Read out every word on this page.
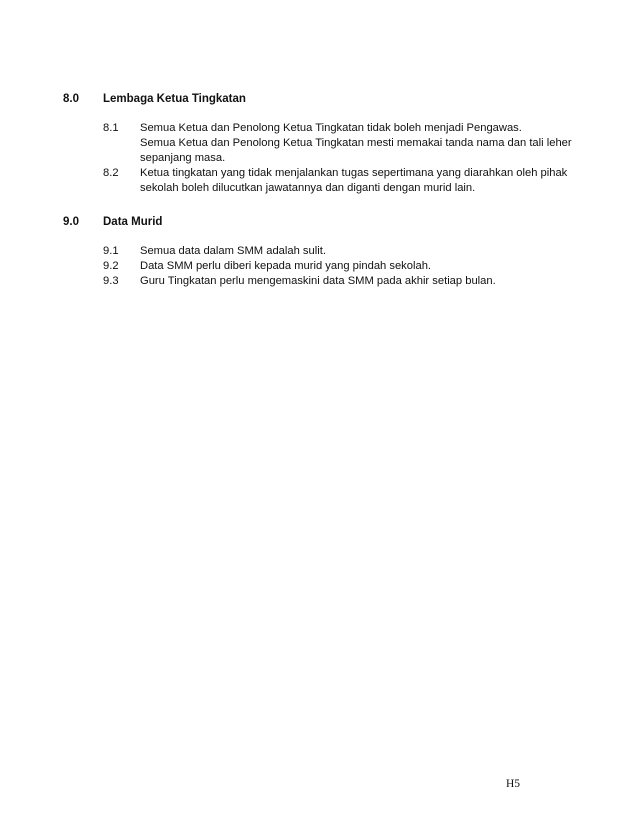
8.0	Lembaga Ketua Tingkatan
8.1	Semua Ketua dan Penolong Ketua Tingkatan tidak boleh menjadi Pengawas.
Semua Ketua dan Penolong Ketua Tingkatan mesti memakai tanda nama dan tali leher
sepanjang masa.
8.2	Ketua tingkatan yang tidak menjalankan tugas sepertimana yang diarahkan oleh pihak
sekolah boleh dilucutkan jawatannya dan diganti dengan murid lain.
9.0	Data Murid
9.1	Semua data dalam SMM adalah sulit.
9.2	Data SMM perlu diberi kepada murid yang pindah sekolah.
9.3	Guru Tingkatan perlu mengemaskini data SMM pada akhir setiap bulan.
H5
